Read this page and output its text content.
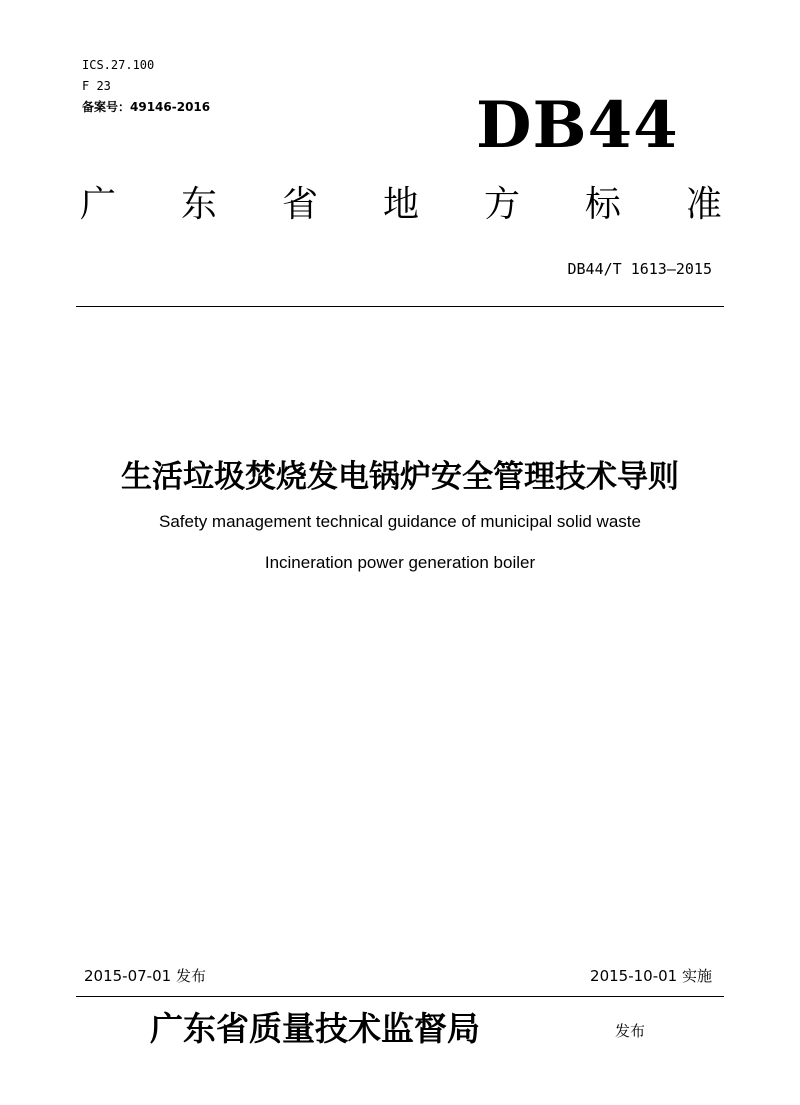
ICS.27.100
F 23
备案号：49146-2016	DB44
广 东 省 地 方 标 准
DB44/T 1613—2015
生活垃圾焚烧发电锅炉安全管理技术导则
Safety management technical guidance of municipal solid waste
Incineration power generation boiler
2015-07-01 发布	2015-10-01 实施
广东省质量技术监督局	发布
